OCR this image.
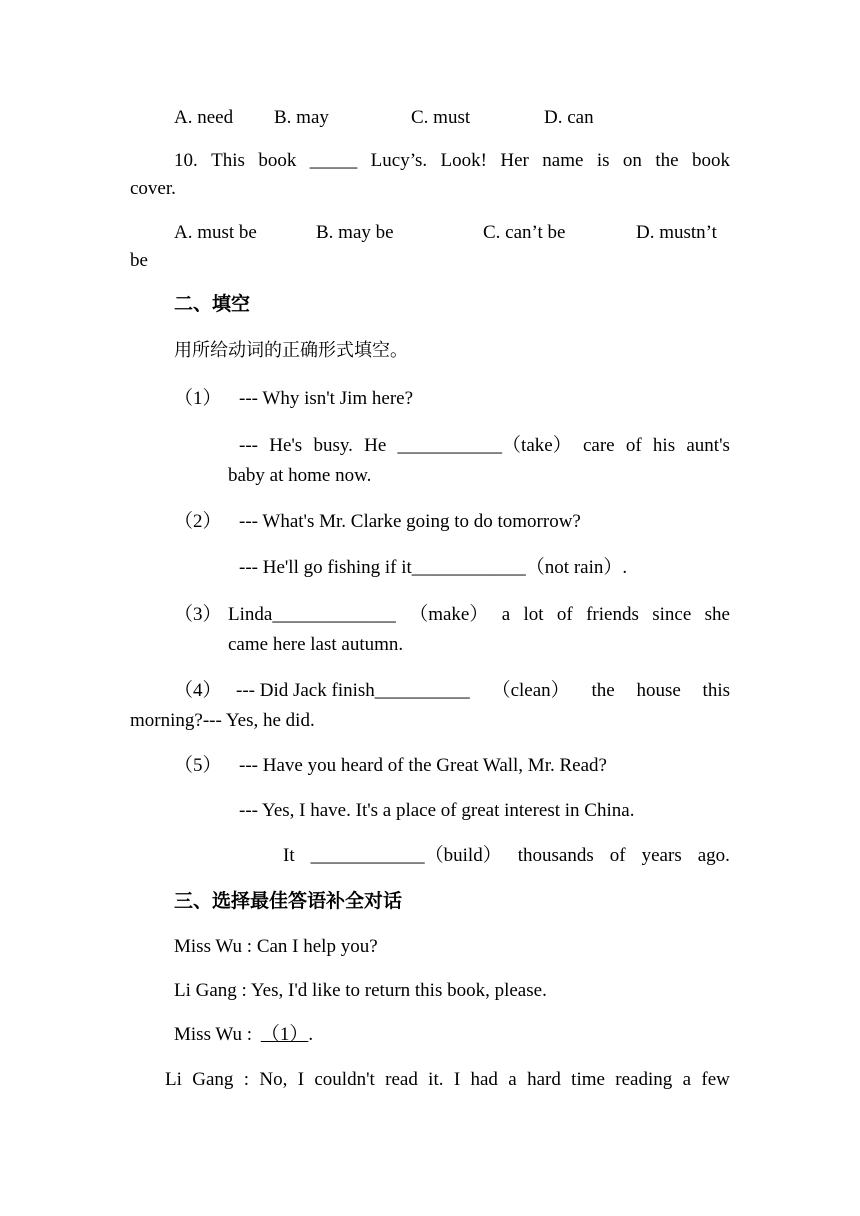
A. need B. may	C. must	D. can
10. This book _____ Lucy’s. Look! Her name is on the book
cover.
A. must be	B. may be	C. can’t be	D. mustn’t
be
二、填空
用所给动词的正确形式填空。
（1） --- Why isn't Jim here?
--- He's busy. He ___________（take） care of his aunt's
baby at home now.
（2） --- What's Mr. Clarke going to do tomorrow?
--- He'll go fishing if it____________（not rain）.
（3） Linda_____________ （make） a lot of friends since she
came here last autumn.
（4） --- Did Jack finish__________ （clean） the house this
morning?--- Yes, he did.
（5） --- Have you heard of the Great Wall, Mr. Read?
--- Yes, I have. It's a place of great interest in China.
It ____________（build） thousands of years ago.
三、选择最佳答语补全对话
Miss Wu : Can I help you?
Li Gang : Yes, I'd like to return this book, please.
Miss Wu : （1）.
Li Gang : No, I couldn't read it. I had a hard time reading a few
